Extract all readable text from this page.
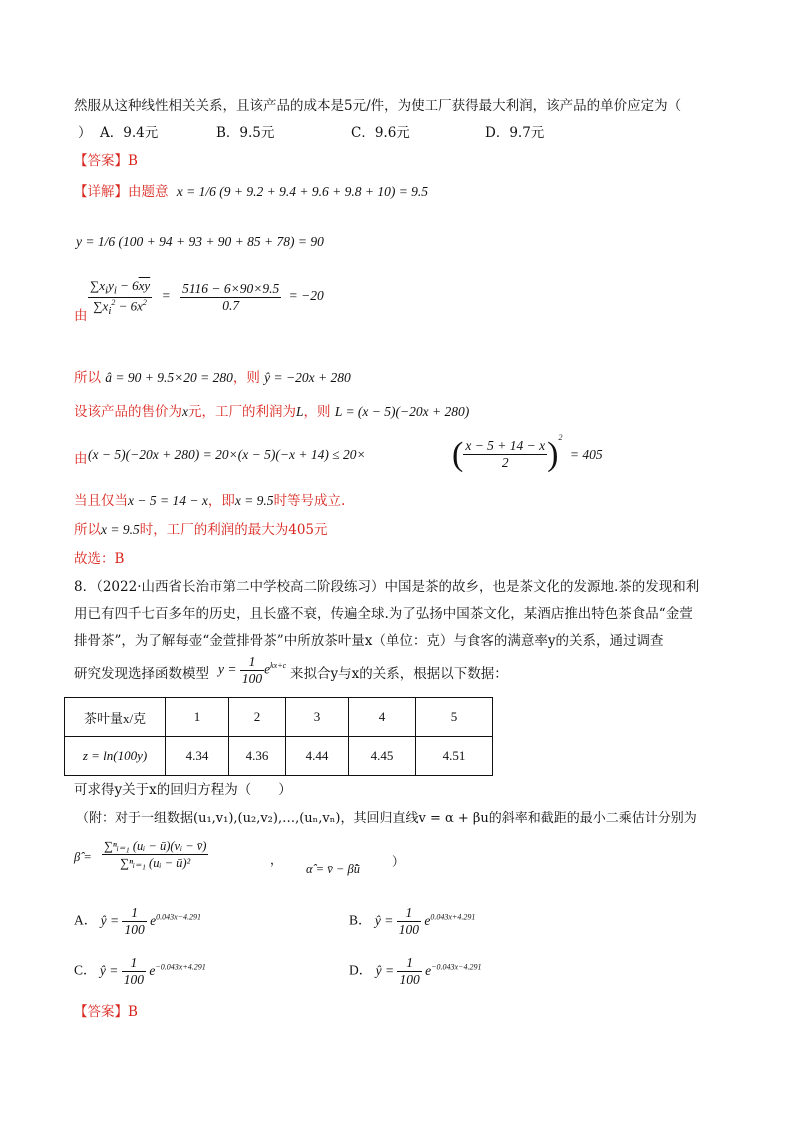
然服从这种线性相关关系，且该产品的成本是5元/件，为使工厂获得最大利润，该产品的单价应定为（
） A．9.4元	B．9.5元	C．9.6元	D．9.7元
【答案】B
【详解】由题意 x = 1/6 (9 + 9.2 + 9.4 + 9.6 + 9.8 + 10) = 9.5
y = 1/6 (100 + 94 + 93 + 90 + 85 + 78) = 90
由 $\frac{\sum x_iy_i - 6\overline{xy}}{\sum x_i^2 - 6\overline{x}^2} = \frac{5116 - 6\times 90\times 9.5}{0.7} = -20$
所以 â = 90 + 9.5×20 = 280，则 ŷ = −20x + 280
设该产品的售价为x元，工厂的利润为L，则 L = (x − 5)(−20x + 280)
由 (x − 5)(−20x + 280) = 20×(x − 5)(−x + 14) ≤ 20×	( $\frac{x - 5 + 14 - x}{2} )^2 = 405$
当且仅当x − 5 = 14 − x，即x = 9.5时等号成立.
所以x = 9.5时，工厂的利润的最大为405元
故选：B
8．（2022·山西省长治市第二中学校高二阶段练习）中国是茶的故乡，也是茶文化的发源地.茶的发现和利
用已有四千七百多年的历史，且长盛不衰，传遍全球.为了弘扬中国茶文化，某酒店推出特色茶食品“金萱
排骨茶”，为了解每壶“金萱排骨茶”中所放茶叶量x（单位：克）与食客的满意率y的关系，通过调查
研究发现选择函数模型 $y = \frac{1}{100} e^{kx+c}$
来拟合y与x的关系，根据以下数据：
茶叶量x/克	1	2	3	4	5
z = ln(100y)	4.34	4.36	4.44	4.45	4.51
可求得y关于x的回归方程为（　　）
（附：对于一组数据(u₁,v₁),(u₂,v₂),…,(uₙ,vₙ)，其回归直线v = α + βu的斜率和截距的最小二乘估计分别为
β̂ = $\frac{\text{∑ⁿᵢ₌₁ (uᵢ − ū)(vᵢ − v̄)}}{\text{∑ⁿᵢ₌₁ (uᵢ − ū)²}}$	，
α̂ = v̄ − β̂ū	）
A． ŷ = $\frac{1}{100} e^{0.043x-4.291}$	B． ŷ = $\frac{1}{100} e^{0.043x+4.291}$
C． ŷ = $\frac{1}{100} e^{-0.043x+4.291}$	D． ŷ = $\frac{1}{100} e^{-0.043x-4.291}$
【答案】B
